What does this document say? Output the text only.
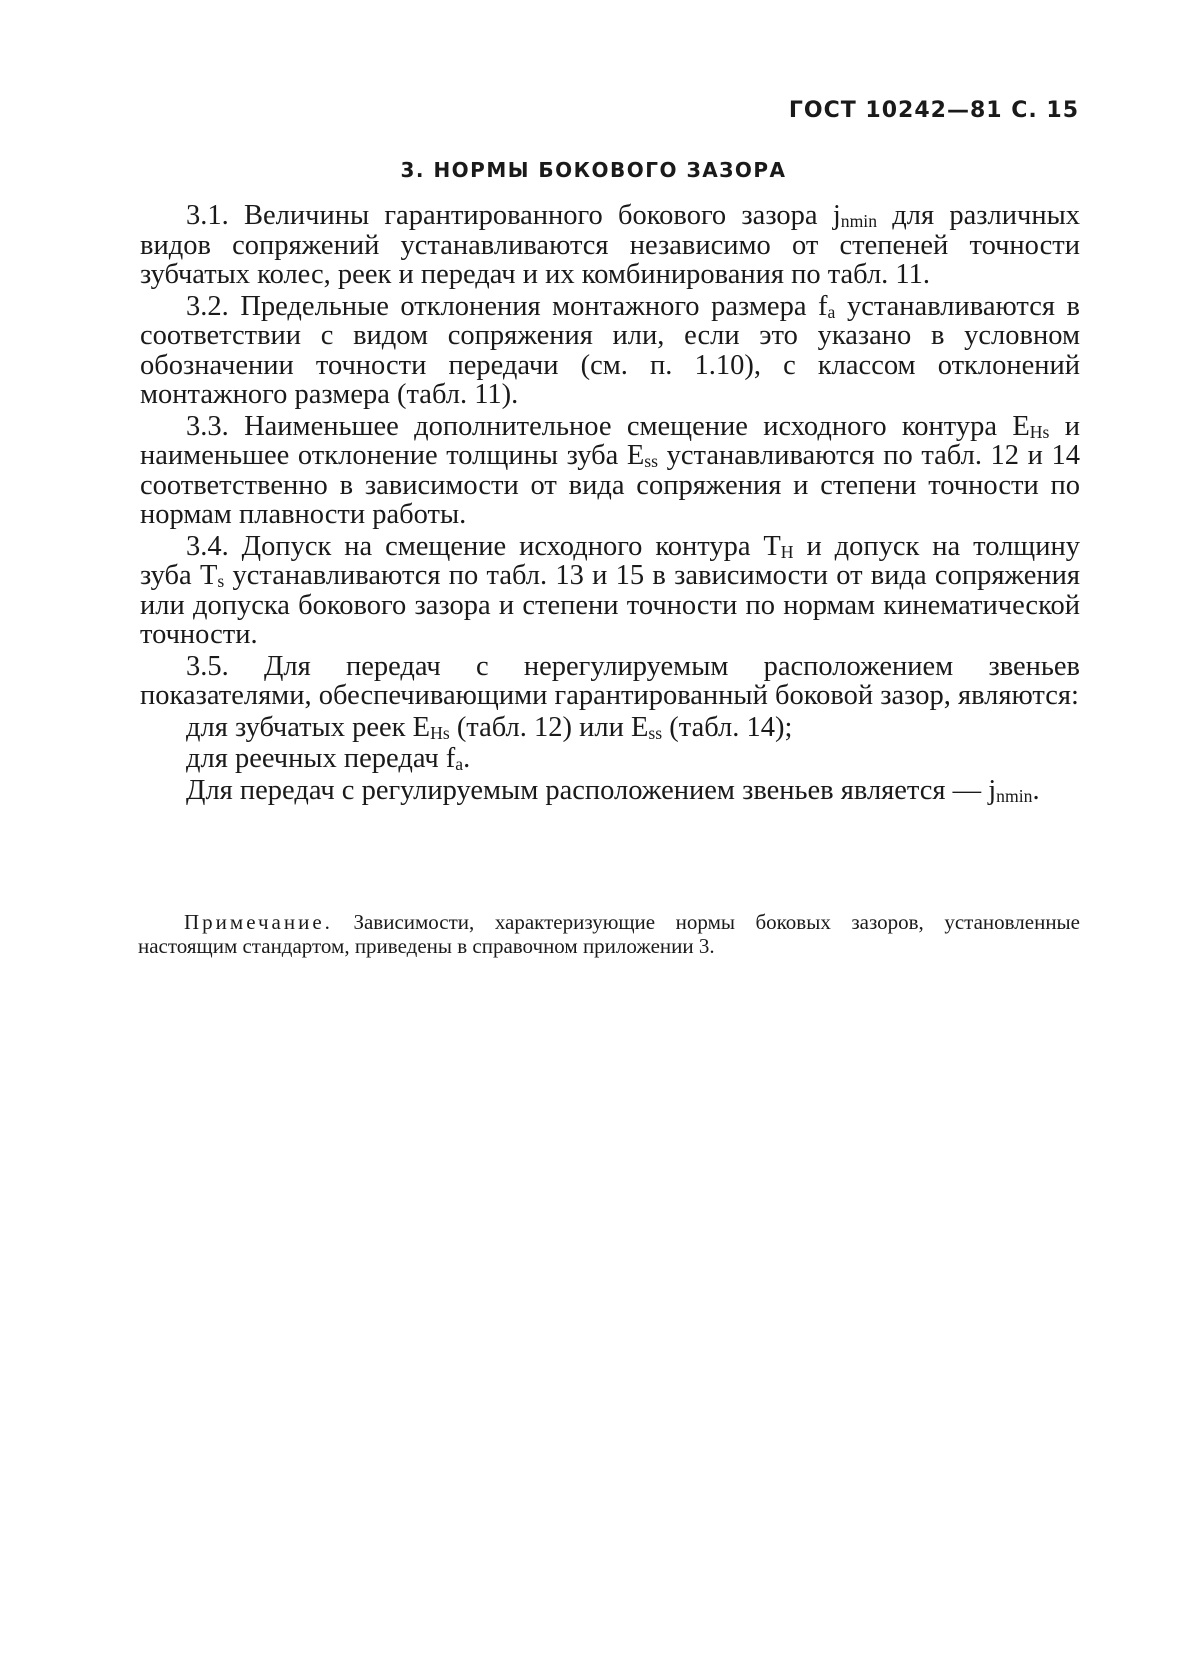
ГОСТ 10242—81 С. 15
3. НОРМЫ БОКОВОГО ЗАЗОРА

3.1. Величины гарантированного бокового зазора jnmin для различных видов сопряжений устанавливаются независимо от степеней точности зубчатых колес, реек и передач и их комбинирования по табл. 11.

3.2. Предельные отклонения монтажного размера fa устанавливаются в соответствии с видом сопряжения или, если это указано в условном обозначении точности передачи (см. п. 1.10), с классом отклонений монтажного размера (табл. 11).

3.3. Наименьшее дополнительное смещение исходного контура EHs и наименьшее отклонение толщины зуба Ess устанавливаются по табл. 12 и 14 соответственно в зависимости от вида сопряжения и степени точности по нормам плавности работы.

3.4. Допуск на смещение исходного контура TH и допуск на толщину зуба Ts устанавливаются по табл. 13 и 15 в зависимости от вида сопряжения или допуска бокового зазора и степени точности по нормам кинематической точности.

3.5. Для передач с нерегулируемым расположением звеньев показателями, обеспечивающими гарантированный боковой зазор, являются:

для зубчатых реек EHs (табл. 12) или Ess (табл. 14);

для реечных передач fa.

Для передач с регулируемым расположением звеньев является — jnmin.

Примечание. Зависимости, характеризующие нормы боковых зазоров, установленные настоящим стандартом, приведены в справочном приложении 3.
